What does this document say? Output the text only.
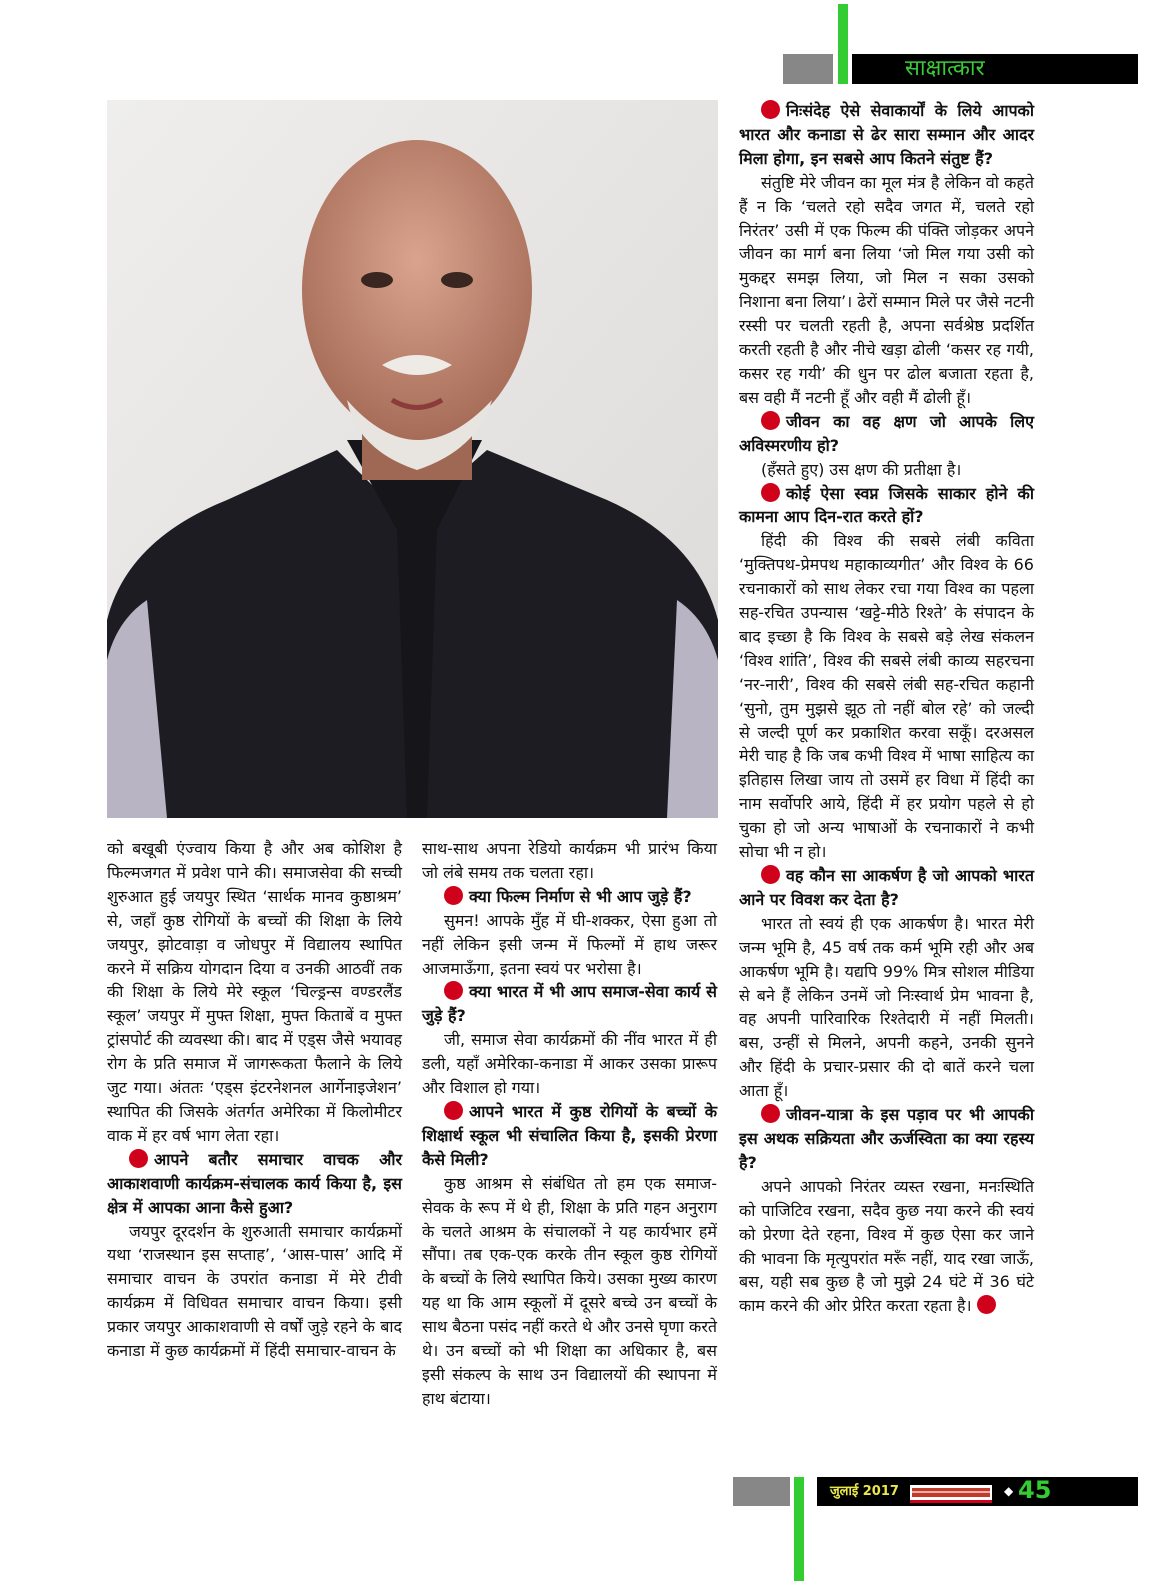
साक्षात्कार

को बखूबी एंज्वाय किया है और अब कोशिश है फिल्मजगत में प्रवेश पाने की। समाजसेवा की सच्ची शुरुआत हुई जयपुर स्थित ‘सार्थक मानव कुष्ठाश्रम’ से, जहाँ कुष्ठ रोगियों के बच्चों की शिक्षा के लिये जयपुर, झोटवाड़ा व जोधपुर में विद्यालय स्थापित करने में सक्रिय योगदान दिया व उनकी आठवीं तक की शिक्षा के लिये मेरे स्कूल ‘चिल्ड्रन्स वण्डरलैंड स्कूल’ जयपुर में मुफ्त शिक्षा, मुफ्त किताबें व मुफ्त ट्रांसपोर्ट की व्यवस्था की। बाद में एड्स जैसे भयावह रोग के प्रति समाज में जागरूकता फैलाने के लिये जुट गया। अंततः ‘एड्स इंटरनेशनल आर्गेनाइजेशन’ स्थापित की जिसके अंतर्गत अमेरिका में किलोमीटर वाक में हर वर्ष भाग लेता रहा।

आपने बतौर समाचार वाचक और आकाशवाणी कार्यक्रम-संचालक कार्य किया है, इस क्षेत्र में आपका आना कैसे हुआ?

जयपुर दूरदर्शन के शुरुआती समाचार कार्यक्रमों यथा ‘राजस्थान इस सप्ताह’, ‘आस-पास’ आदि में समाचार वाचन के उपरांत कनाडा में मेरे टीवी कार्यक्रम में विधिवत समाचार वाचन किया। इसी प्रकार जयपुर आकाशवाणी से वर्षों जुड़े रहने के बाद कनाडा में कुछ कार्यक्रमों में हिंदी समाचार-वाचन के

साथ-साथ अपना रेडियो कार्यक्रम भी प्रारंभ किया जो लंबे समय तक चलता रहा।

क्या फिल्म निर्माण से भी आप जुड़े हैं?

सुमन! आपके मुँह में घी-शक्कर, ऐसा हुआ तो नहीं लेकिन इसी जन्म में फिल्मों में हाथ जरूर आजमाऊँगा, इतना स्वयं पर भरोसा है।

क्या भारत में भी आप समाज-सेवा कार्य से जुड़े हैं?

जी, समाज सेवा कार्यक्रमों की नींव भारत में ही डली, यहाँ अमेरिका-कनाडा में आकर उसका प्रारूप और विशाल हो गया।

आपने भारत में कुष्ठ रोगियों के बच्चों के शिक्षार्थ स्कूल भी संचालित किया है, इसकी प्रेरणा कैसे मिली?

कुष्ठ आश्रम से संबंधित तो हम एक समाज-सेवक के रूप में थे ही, शिक्षा के प्रति गहन अनुराग के चलते आश्रम के संचालकों ने यह कार्यभार हमें सौंपा। तब एक-एक करके तीन स्कूल कुष्ठ रोगियों के बच्चों के लिये स्थापित किये। उसका मुख्य कारण यह था कि आम स्कूलों में दूसरे बच्चे उन बच्चों के साथ बैठना पसंद नहीं करते थे और उनसे घृणा करते थे। उन बच्चों को भी शिक्षा का अधिकार है, बस इसी संकल्प के साथ उन विद्यालयों की स्थापना में हाथ बंटाया।

निःसंदेह ऐसे सेवाकार्यों के लिये आपको भारत और कनाडा से ढेर सारा सम्मान और आदर मिला होगा, इन सबसे आप कितने संतुष्ट हैं?

संतुष्टि मेरे जीवन का मूल मंत्र है लेकिन वो कहते हैं न कि ‘चलते रहो सदैव जगत में, चलते रहो निरंतर’ उसी में एक फिल्म की पंक्ति जोड़कर अपने जीवन का मार्ग बना लिया ‘जो मिल गया उसी को मुकद्दर समझ लिया, जो मिल न सका उसको निशाना बना लिया’। ढेरों सम्मान मिले पर जैसे नटनी रस्सी पर चलती रहती है, अपना सर्वश्रेष्ठ प्रदर्शित करती रहती है और नीचे खड़ा ढोली ‘कसर रह गयी, कसर रह गयी’ की धुन पर ढोल बजाता रहता है, बस वही मैं नटनी हूँ और वही मैं ढोली हूँ।

जीवन का वह क्षण जो आपके लिए अविस्मरणीय हो?

(हँसते हुए) उस क्षण की प्रतीक्षा है।

कोई ऐसा स्वप्न जिसके साकार होने की कामना आप दिन-रात करते हों?

हिंदी की विश्व की सबसे लंबी कविता ‘मुक्तिपथ-प्रेमपथ महाकाव्यगीत’ और विश्व के 66 रचनाकारों को साथ लेकर रचा गया विश्व का पहला सह-रचित उपन्यास ‘खट्टे-मीठे रिश्ते’ के संपादन के बाद इच्छा है कि विश्व के सबसे बड़े लेख संकलन ‘विश्व शांति’, विश्व की सबसे लंबी काव्य सहरचना ‘नर-नारी’, विश्व की सबसे लंबी सह-रचित कहानी ‘सुनो, तुम मुझसे झूठ तो नहीं बोल रहे’ को जल्दी से जल्दी पूर्ण कर प्रकाशित करवा सकूँ। दरअसल मेरी चाह है कि जब कभी विश्व में भाषा साहित्य का इतिहास लिखा जाय तो उसमें हर विधा में हिंदी का नाम सर्वोपरि आये, हिंदी में हर प्रयोग पहले से हो चुका हो जो अन्य भाषाओं के रचनाकारों ने कभी सोचा भी न हो।

वह कौन सा आकर्षण है जो आपको भारत आने पर विवश कर देता है?

भारत तो स्वयं ही एक आकर्षण है। भारत मेरी जन्म भूमि है, 45 वर्ष तक कर्म भूमि रही और अब आकर्षण भूमि है। यद्यपि 99% मित्र सोशल मीडिया से बने हैं लेकिन उनमें जो निःस्वार्थ प्रेम भावना है, वह अपनी पारिवारिक रिश्तेदारी में नहीं मिलती। बस, उन्हीं से मिलने, अपनी कहने, उनकी सुनने और हिंदी के प्रचार-प्रसार की दो बातें करने चला आता हूँ।

जीवन-यात्रा के इस पड़ाव पर भी आपकी इस अथक सक्रियता और ऊर्जस्विता का क्या रहस्य है?

अपने आपको निरंतर व्यस्त रखना, मनःस्थिति को पाजिटिव रखना, सदैव कुछ नया करने की स्वयं को प्रेरणा देते रहना, विश्व में कुछ ऐसा कर जाने की भावना कि मृत्युपरांत मरूँ नहीं, याद रखा जाऊँ, बस, यही सब कुछ है जो मुझे 24 घंटे में 36 घंटे काम करने की ओर प्रेरित करता रहता है।

जुलाई 2017	◆ 45
